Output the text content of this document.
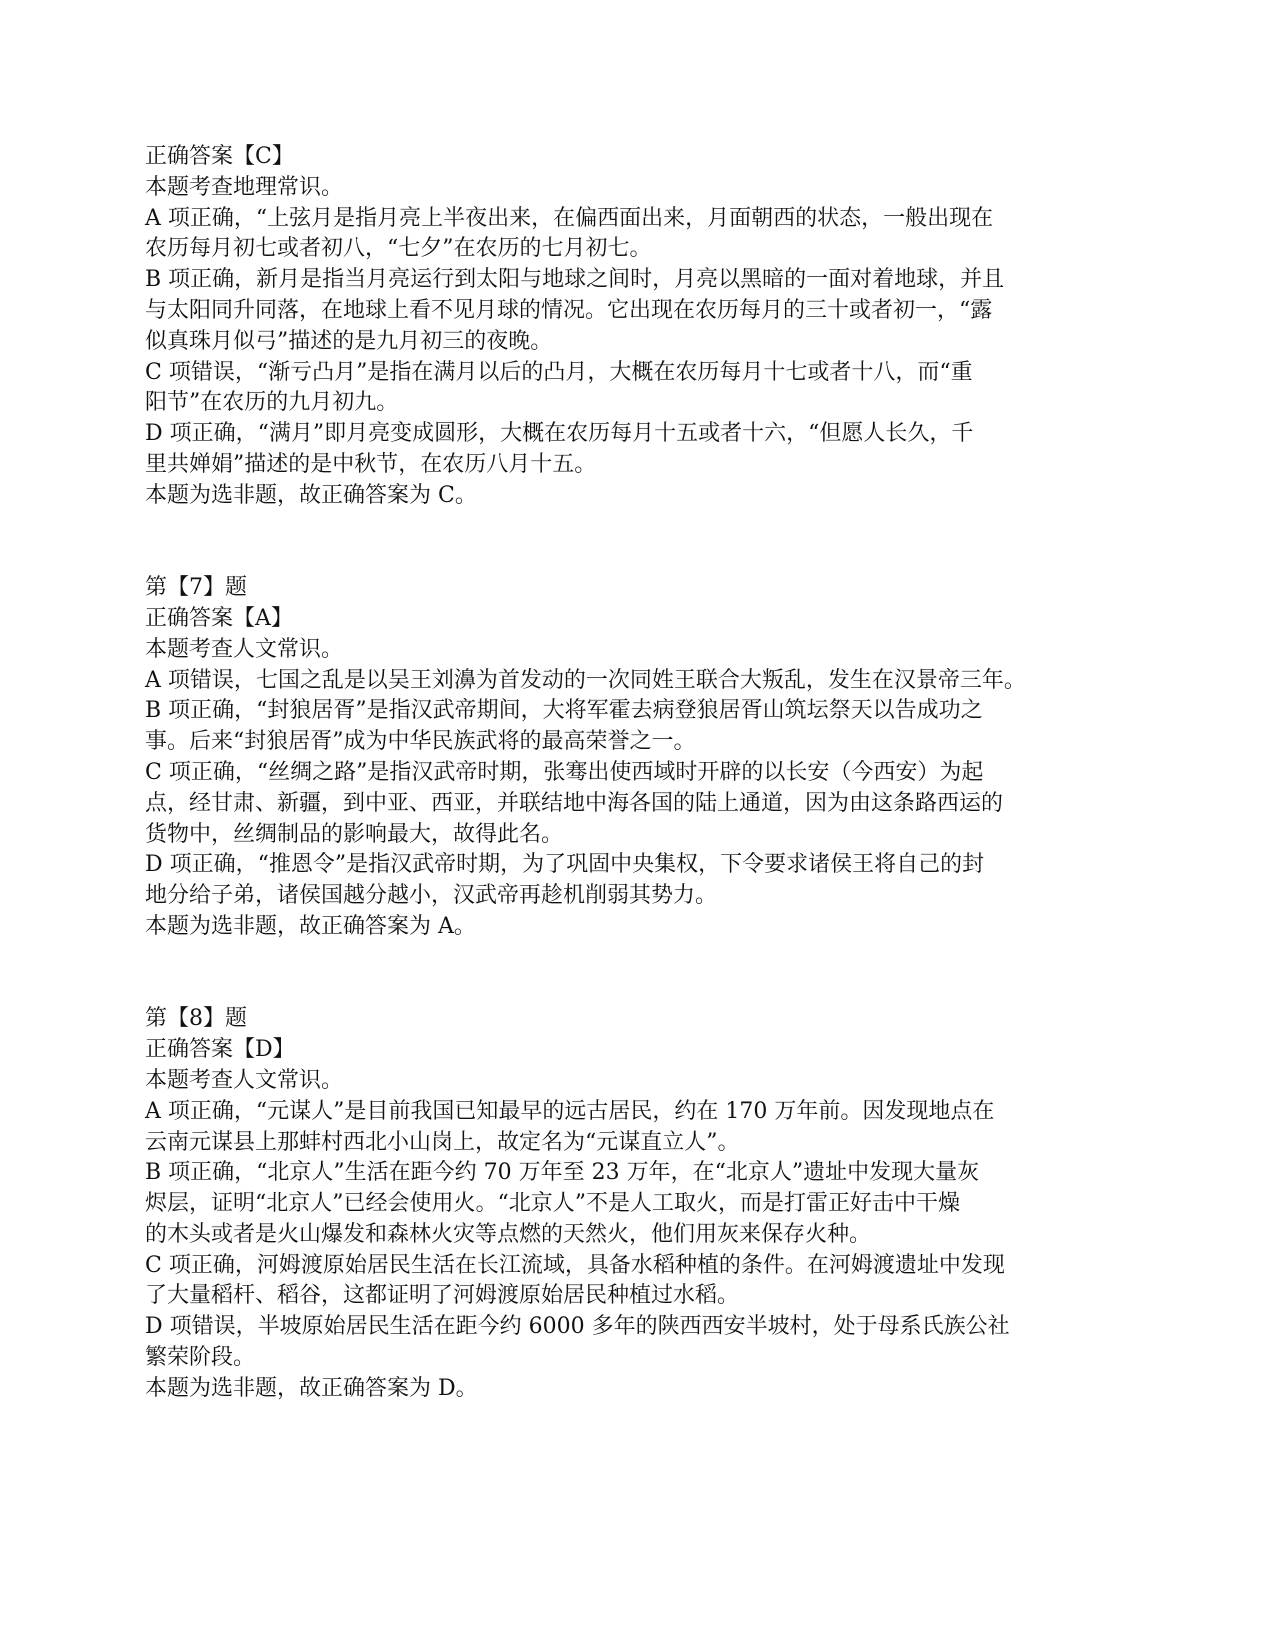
正确答案【C】
本题考查地理常识。
A 项正确，“上弦月是指月亮上半夜出来，在偏西面出来，月面朝西的状态，一般出现在
农历每月初七或者初八，“七夕”在农历的七月初七。
B 项正确，新月是指当月亮运行到太阳与地球之间时，月亮以黑暗的一面对着地球，并且
与太阳同升同落，在地球上看不见月球的情况。它出现在农历每月的三十或者初一，“露
似真珠月似弓”描述的是九月初三的夜晚。
C 项错误，“渐亏凸月”是指在满月以后的凸月，大概在农历每月十七或者十八，而“重
阳节”在农历的九月初九。
D 项正确，“满月”即月亮变成圆形，大概在农历每月十五或者十六，“但愿人长久，千
里共婵娟”描述的是中秋节，在农历八月十五。
本题为选非题，故正确答案为 C。
第【7】题
正确答案【A】
本题考查人文常识。
A 项错误，七国之乱是以吴王刘濞为首发动的一次同姓王联合大叛乱，发生在汉景帝三年。
B 项正确，“封狼居胥”是指汉武帝期间，大将军霍去病登狼居胥山筑坛祭天以告成功之
事。后来“封狼居胥”成为中华民族武将的最高荣誉之一。
C 项正确，“丝绸之路”是指汉武帝时期，张骞出使西域时开辟的以长安（今西安）为起
点，经甘肃、新疆，到中亚、西亚，并联结地中海各国的陆上通道，因为由这条路西运的
货物中，丝绸制品的影响最大，故得此名。
D 项正确，“推恩令”是指汉武帝时期，为了巩固中央集权，下令要求诸侯王将自己的封
地分给子弟，诸侯国越分越小，汉武帝再趁机削弱其势力。
本题为选非题，故正确答案为 A。
第【8】题
正确答案【D】
本题考查人文常识。
A 项正确，“元谋人”是目前我国已知最早的远古居民，约在 170 万年前。因发现地点在
云南元谋县上那蚌村西北小山岗上，故定名为“元谋直立人”。
B 项正确，“北京人”生活在距今约 70 万年至 23 万年，在“北京人”遗址中发现大量灰
烬层，证明“北京人”已经会使用火。“北京人”不是人工取火，而是打雷正好击中干燥
的木头或者是火山爆发和森林火灾等点燃的天然火，他们用灰来保存火种。
C 项正确，河姆渡原始居民生活在长江流域，具备水稻种植的条件。在河姆渡遗址中发现
了大量稻杆、稻谷，这都证明了河姆渡原始居民种植过水稻。
D 项错误，半坡原始居民生活在距今约 6000 多年的陕西西安半坡村，处于母系氏族公社
繁荣阶段。
本题为选非题，故正确答案为 D。
